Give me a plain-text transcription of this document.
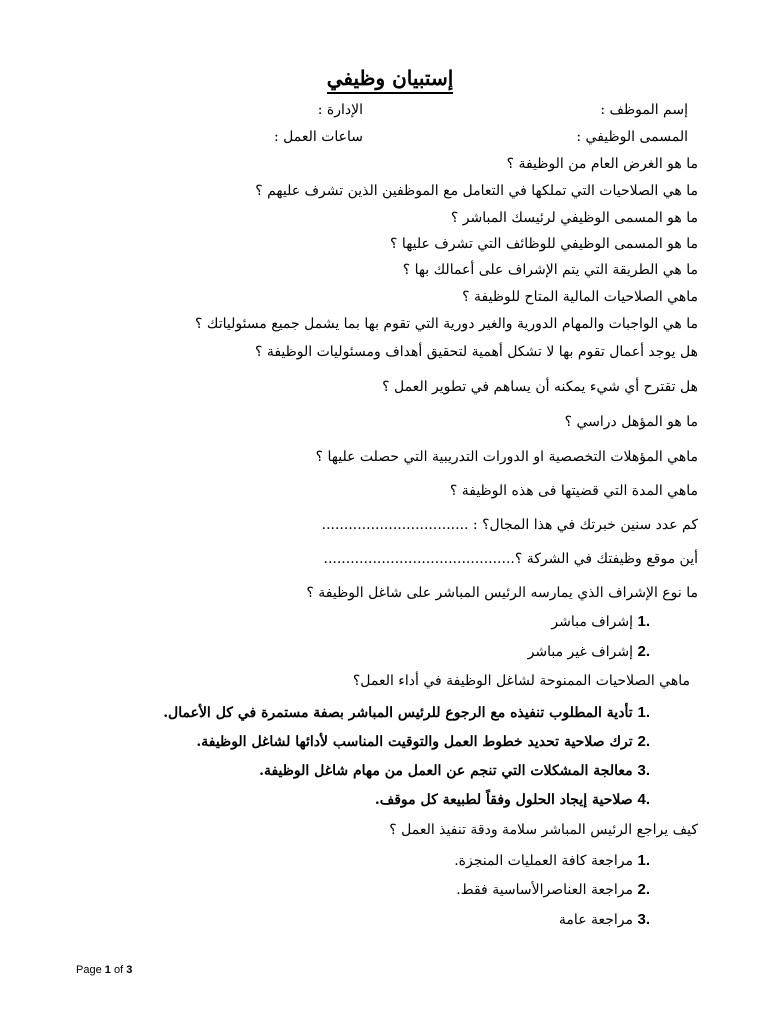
إستبيان وظيفي
إسم الموظف :
الإدارة :
المسمى الوظيفي :
ساعات العمل :
ما هو الغرض العام من الوظيفة ؟
ما هي الصلاحيات التي تملكها في التعامل مع الموظفين الذين تشرف عليهم ؟
ما هو المسمى الوظيفي لرئيسك المباشر ؟
ما هو المسمى الوظيفي للوظائف التي تشرف عليها ؟
ما هي الطريقة التي يتم الإشراف على أعمالك بها ؟
ماهي الصلاحيات المالية المتاح للوظيفة ؟
ما هي الواجبات والمهام الدورية والغير دورية التي تقوم بها بما يشمل جميع مسئولياتك ؟
هل يوجد أعمال تقوم بها لا تشكل أهمية لتحقيق أهداف ومسئوليات الوظيفة ؟
هل تقترح أي شيء يمكنه أن يساهم في تطوير العمل ؟
ما هو المؤهل دراسي ؟
ماهي المؤهلات التخصصية او الدورات التدريبية التي حصلت عليها ؟
ماهي المدة التي قضيتها فى هذه الوظيفة ؟
كم عدد سنين خبرتك في هذا المجال؟ : .................................
أين موقع وظيفتك في الشركة ؟...........................................
ما نوع الإشراف الذي يمارسه الرئيس المباشر على شاغل الوظيفة ؟
1. إشراف مباشر
2. إشراف غير مباشر
ماهي الصلاحيات الممنوحة لشاغل الوظيفة في أداء العمل؟
1. تأدية المطلوب تنفيذه مع الرجوع للرئيس المباشر بصفة مستمرة في كل الأعمال.
2. ترك صلاحية تحديد خطوط العمل والتوقيت المناسب لأدائها لشاغل الوظيفة.
3. معالجة المشكلات التي تنجم عن العمل من مهام شاغل الوظيفة.
4. صلاحية إيجاد الحلول وفقاً لطبيعة كل موقف.
كيف يراجع الرئيس المباشر سلامة ودقة تنفيذ العمل ؟
1. مراجعة كافة العمليات المنجزة.
2. مراجعة العناصرالأساسية فقط.
3. مراجعة عامة
Page 1 of 3
